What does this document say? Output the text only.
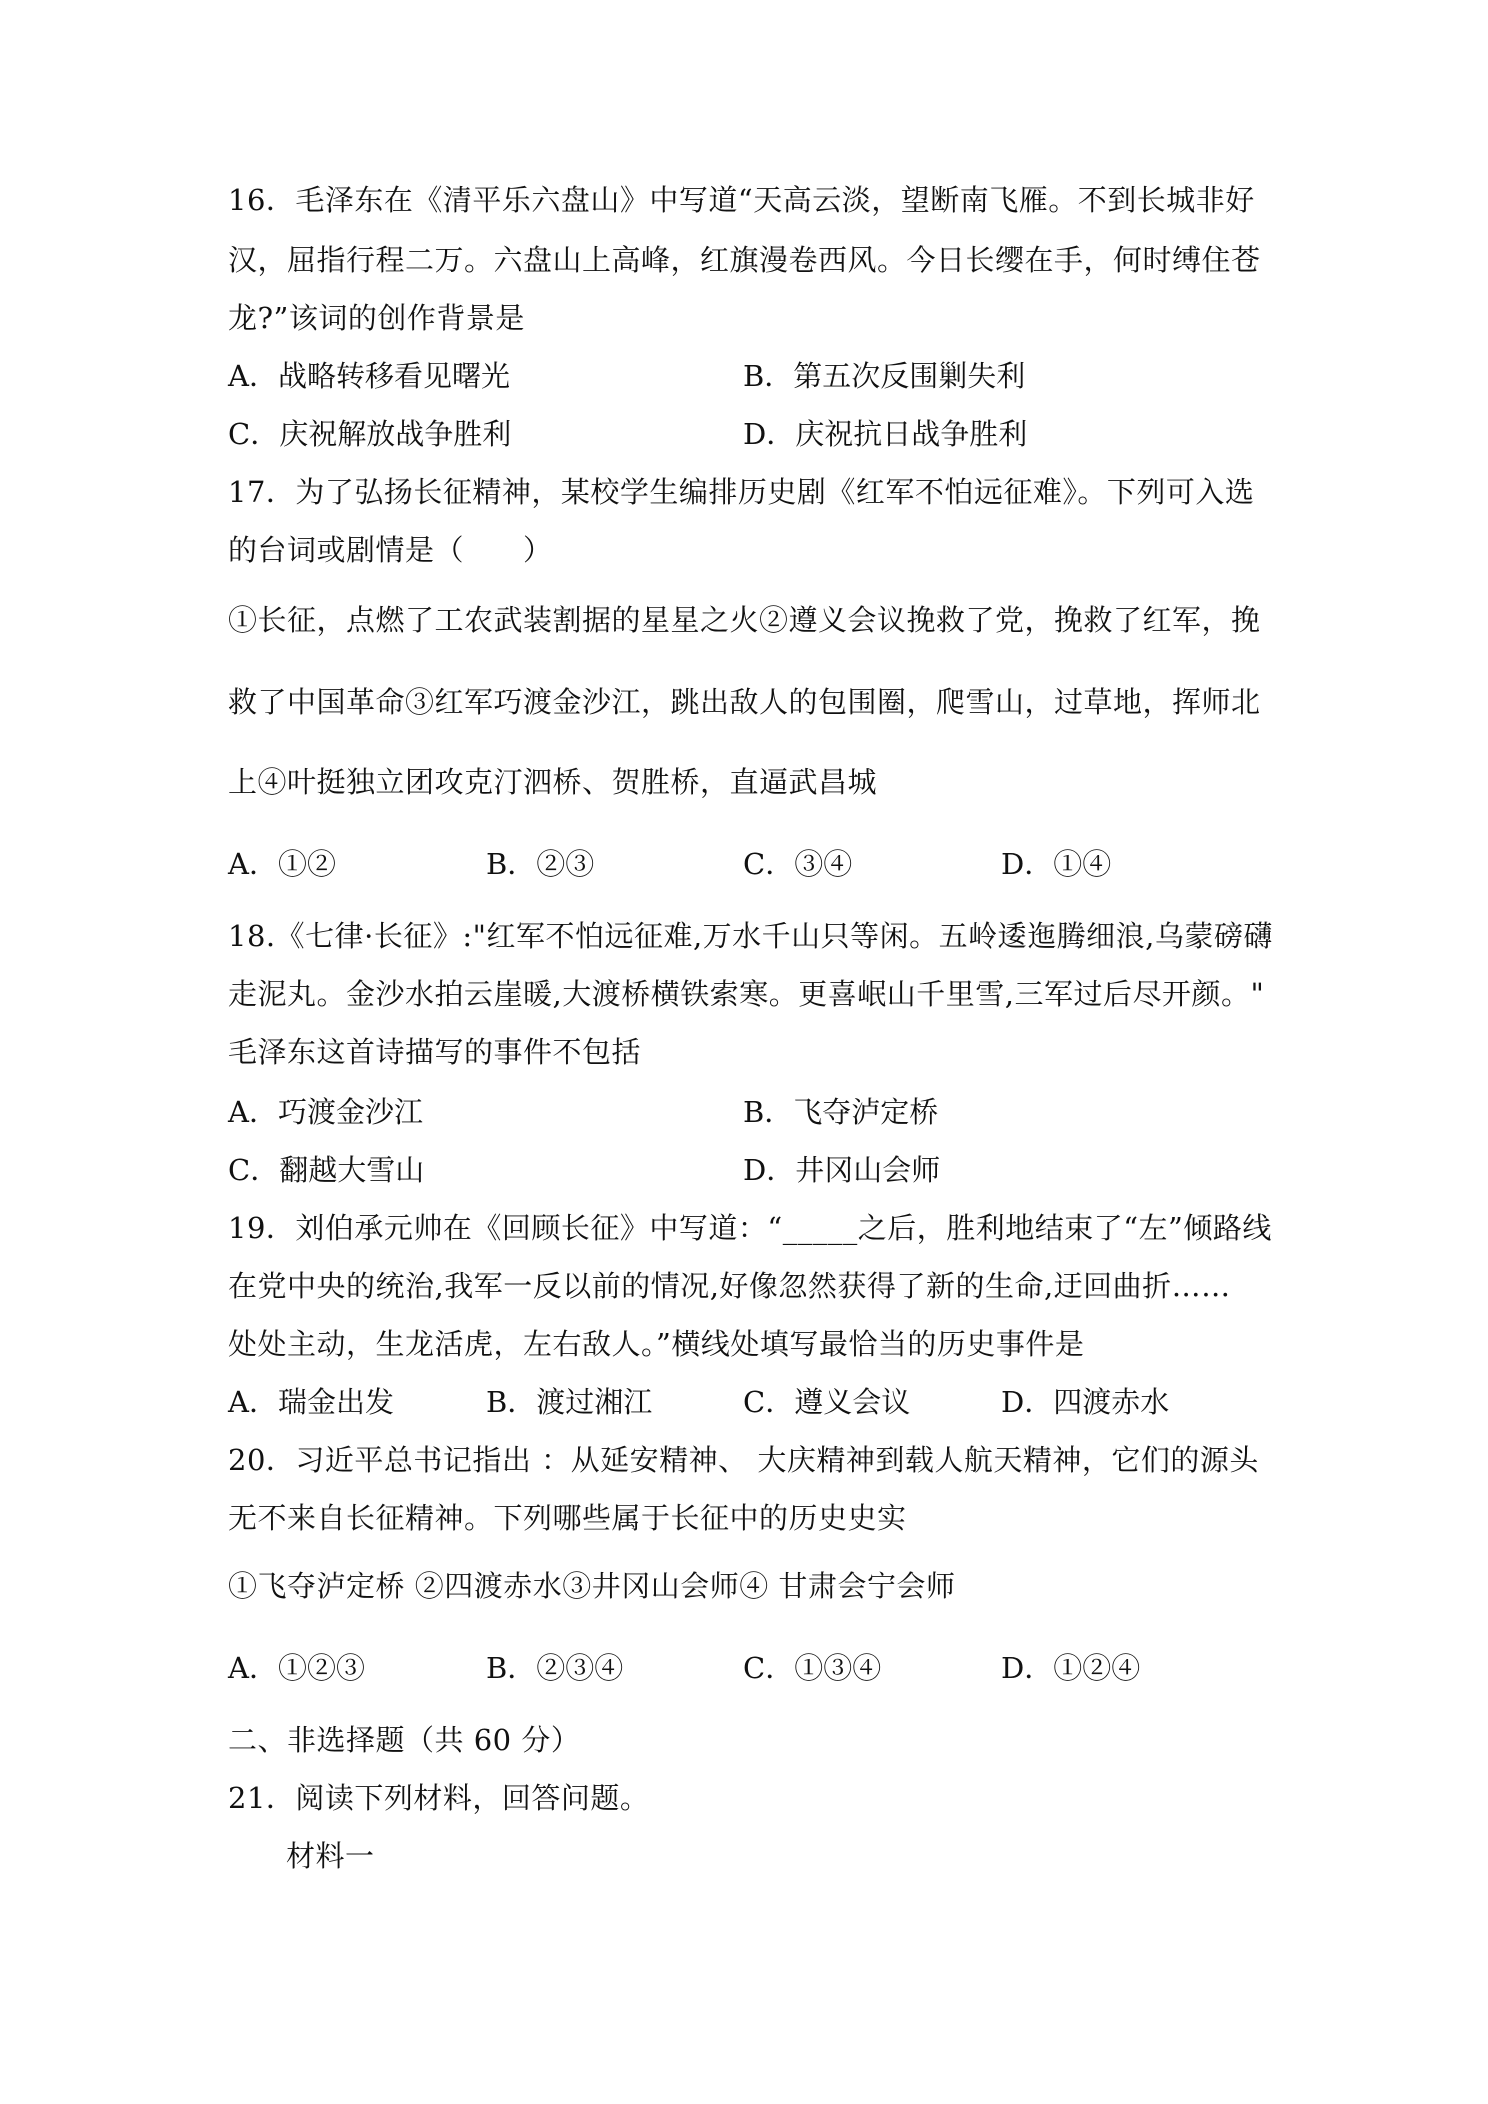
16．毛泽东在《清平乐六盘山》中写道“天高云淡，望断南飞雁。不到长城非好
汉，屈指行程二万。六盘山上高峰，红旗漫卷西风。今日长缨在手，何时缚住苍
龙?”该词的创作背景是
A．战略转移看见曙光	B．第五次反围剿失利
C．庆祝解放战争胜利	D．庆祝抗日战争胜利
17．为了弘扬长征精神，某校学生编排历史剧《红军不怕远征难》。下列可入选
的台词或剧情是（　　）
①长征，点燃了工农武装割据的星星之火②遵义会议挽救了党，挽救了红军，挽
救了中国革命③红军巧渡金沙江，跳出敌人的包围圈，爬雪山，过草地，挥师北
上④叶挺独立团攻克汀泗桥、贺胜桥，直逼武昌城
A．①②	B．②③	C．③④	D．①④
18.《七律·长征》:"红军不怕远征难,万水千山只等闲。五岭逶迤腾细浪,乌蒙磅礴
走泥丸。金沙水拍云崖暖,大渡桥横铁索寒。更喜岷山千里雪,三军过后尽开颜。"
毛泽东这首诗描写的事件不包括
A．巧渡金沙江	B．飞夺泸定桥
C．翻越大雪山	D．井冈山会师
19．刘伯承元帅在《回顾长征》中写道：“_____之后，胜利地结束了“左”倾路线
在党中央的统治,我军一反以前的情况,好像忽然获得了新的生命,迂回曲折……
处处主动，生龙活虎，左右敌人。”横线处填写最恰当的历史事件是
A．瑞金出发	B．渡过湘江	C．遵义会议	D．四渡赤水
20．习近平总书记指出 ：从延安精神、 大庆精神到载人航天精神，它们的源头
无不来自长征精神。下列哪些属于长征中的历史史实
①飞夺泸定桥 ②四渡赤水③井冈山会师④ 甘肃会宁会师
A．①②③	B．②③④	C．①③④	D．①②④
二、非选择题（共 60 分）
21．阅读下列材料，回答问题。
材料一
